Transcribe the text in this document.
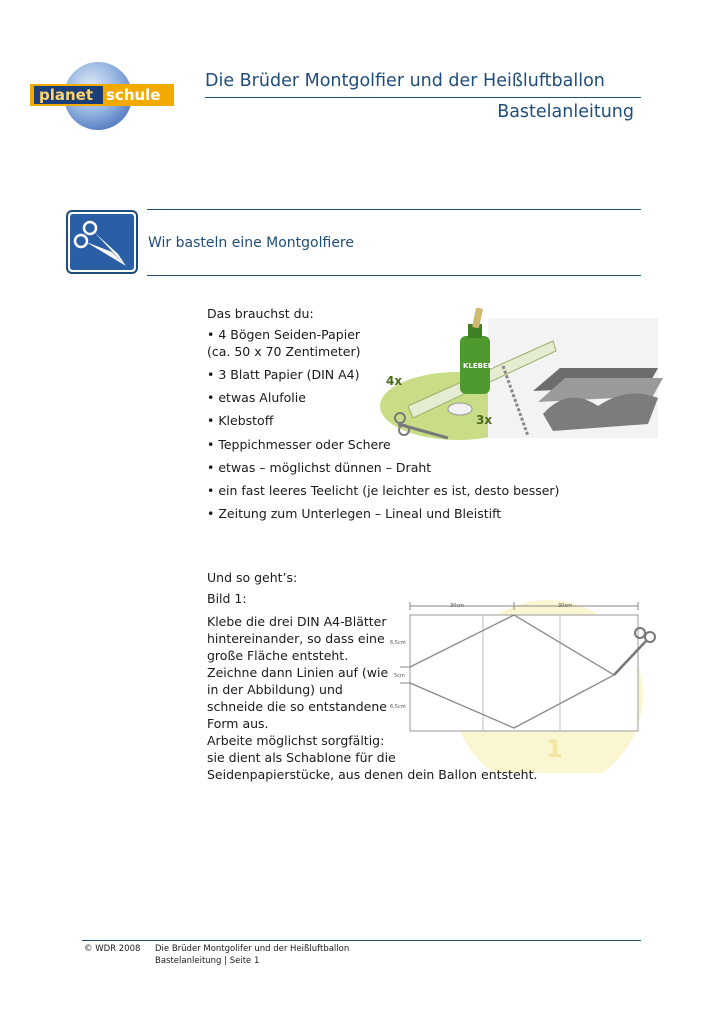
planet schule
Die Brüder Montgolfier und der Heißluftballon
Bastelanleitung
Wir basteln eine Montgolfiere
KLEBER
4x
3x
Das brauchst du:
• 4 Bögen Seiden-Papier
(ca. 50 x 70 Zentimeter)
• 3 Blatt Papier (DIN A4)
• etwas Alufolie
• Klebstoff
• Teppichmesser oder Schere
• etwas – möglichst dünnen – Draht
• ein fast leeres Teelicht (je leichter es ist, desto besser)
• Zeitung zum Unterlegen – Lineal und Bleistift
30cm	30cm
6,5cm
5cm
6,5cm
1
Und so geht’s:
Bild 1:
Klebe die drei DIN A4-Blätter
hintereinander, so dass eine
große Fläche entsteht.
Zeichne dann Linien auf (wie
in der Abbildung) und
schneide die so entstandene
Form aus.
Arbeite möglichst sorgfältig:
sie dient als Schablone für die
Seidenpapierstücke, aus denen dein Ballon entsteht.
© WDR 2008 Die Brüder Montgolifer und der Heißluftballon
Bastelanleitung | Seite 1
